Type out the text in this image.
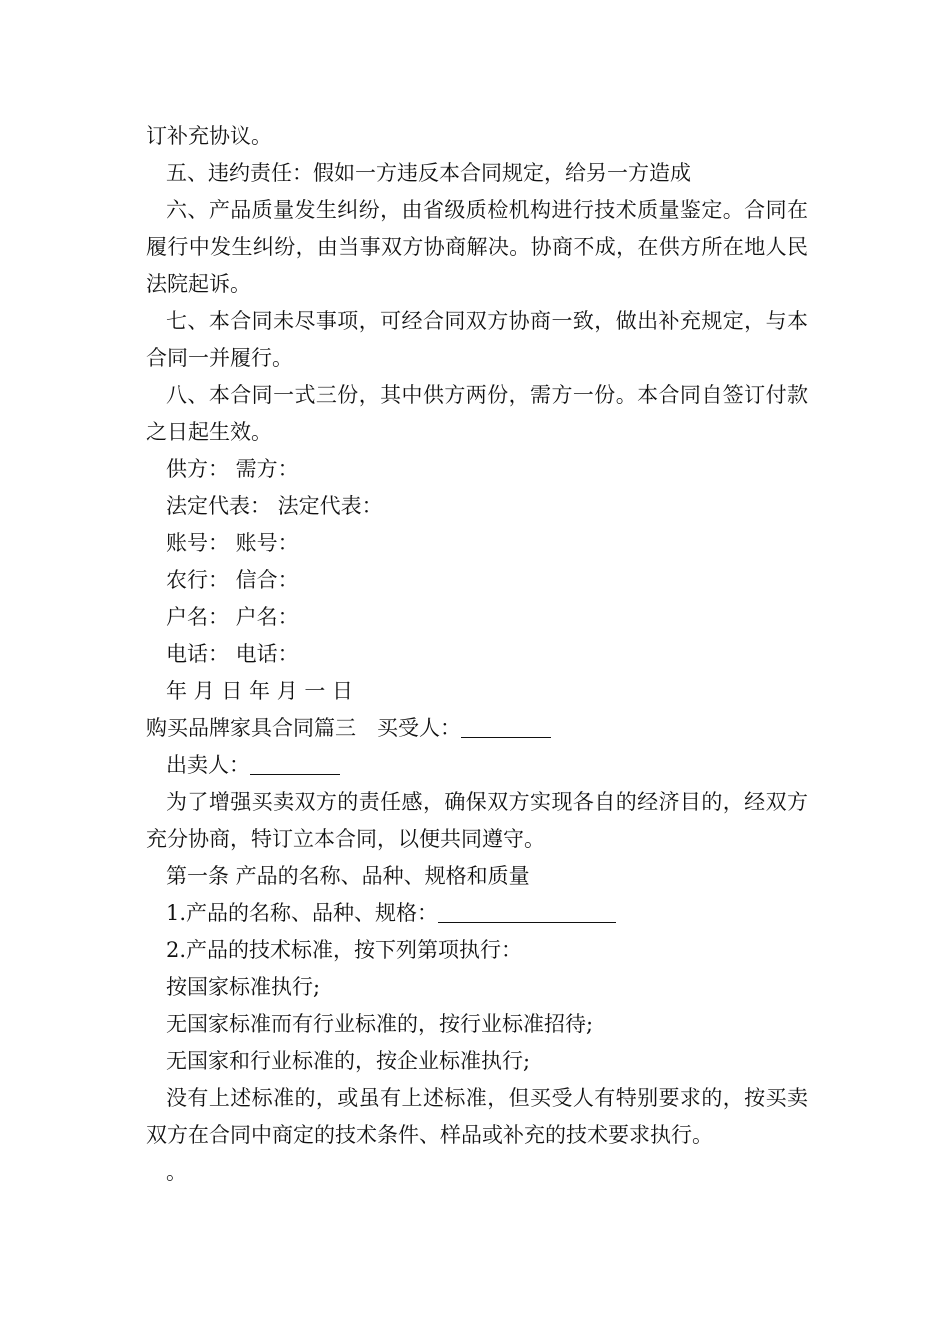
订补充协议。

五、违约责任：假如一方违反本合同规定，给另一方造成

六、产品质量发生纠纷，由省级质检机构进行技术质量鉴定。合同在履行中发生纠纷，由当事双方协商解决。协商不成，在供方所在地人民法院起诉。

七、本合同未尽事项，可经合同双方协商一致，做出补充规定，与本合同一并履行。

八、本合同一式三份，其中供方两份，需方一份。本合同自签订付款之日起生效。

供方： 需方：

法定代表： 法定代表：

账号： 账号：

农行： 信合：

户名： 户名：

电话： 电话：

年 月 日 年 月 一 日

购买品牌家具合同篇三　买受人：

出卖人：

为了增强买卖双方的责任感，确保双方实现各自的经济目的，经双方充分协商，特订立本合同，以便共同遵守。

第一条 产品的名称、品种、规格和质量

1.产品的名称、品种、规格：

2.产品的技术标准，按下列第项执行：

按国家标准执行;

无国家标准而有行业标准的，按行业标准招待;

无国家和行业标准的，按企业标准执行;

没有上述标准的，或虽有上述标准，但买受人有特别要求的，按买卖双方在合同中商定的技术条件、样品或补充的技术要求执行。

。
